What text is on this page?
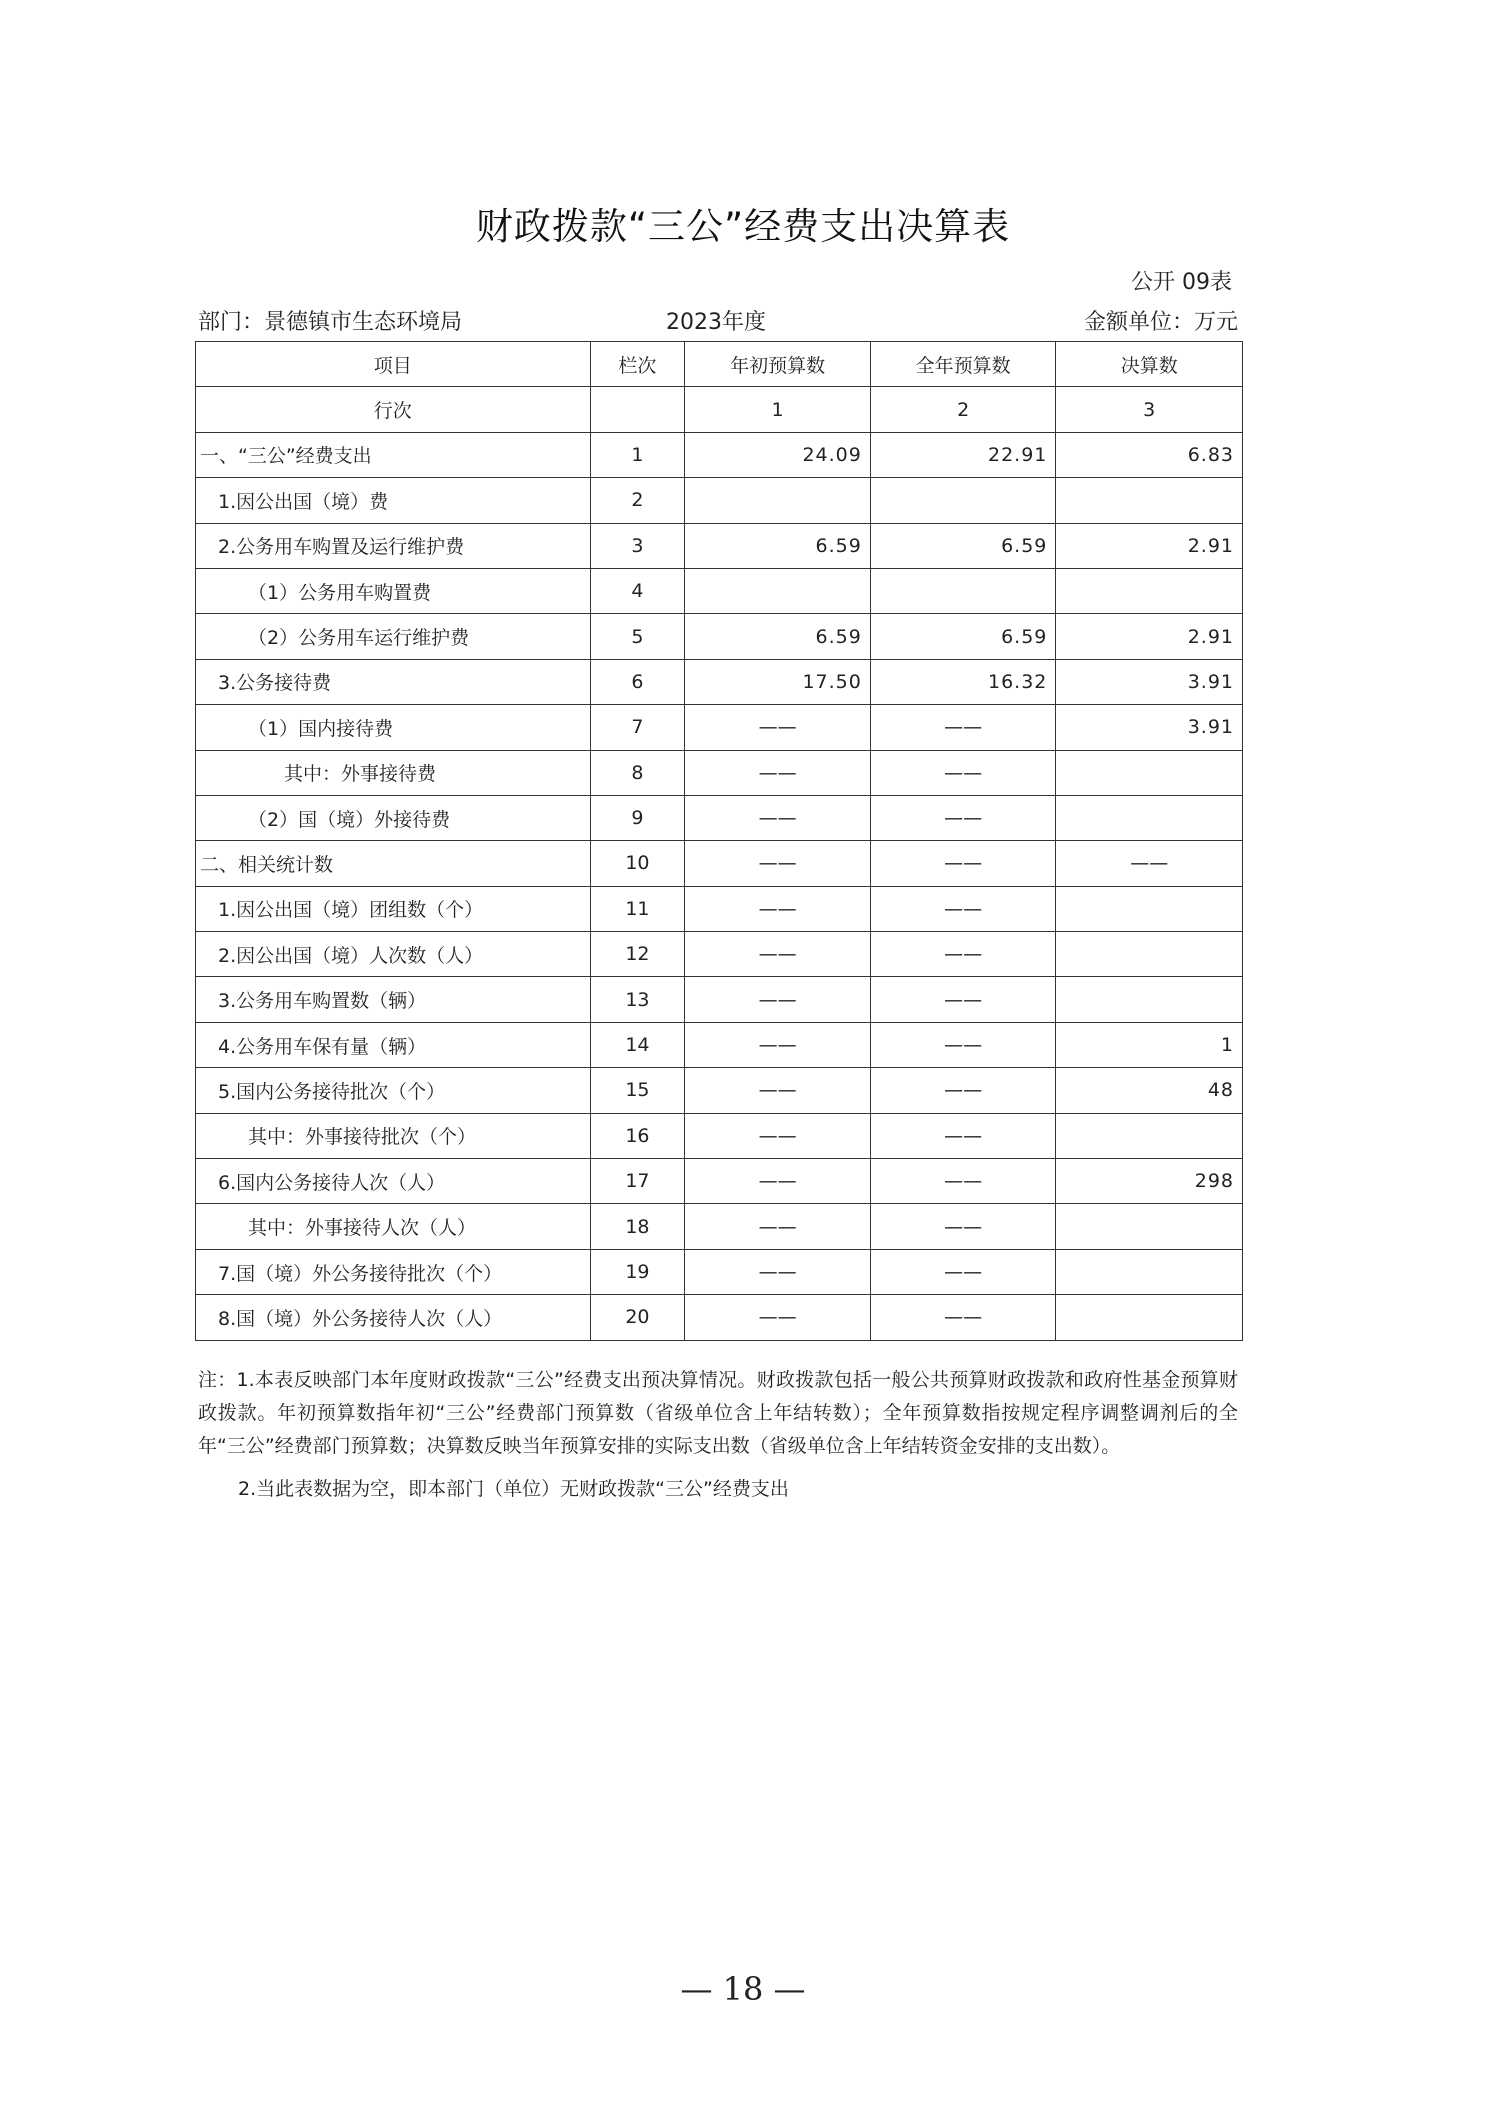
财政拨款“三公”经费支出决算表
公开 09表
部门：景德镇市生态环境局	2023年度	金额单位：万元
项目	栏次	年初预算数	全年预算数	决算数
行次		1	2	3
一、“三公”经费支出	1	24.09	22.91	6.83
1.因公出国（境）费	2			
2.公务用车购置及运行维护费	3	6.59	6.59	2.91
（1）公务用车购置费	4			
（2）公务用车运行维护费	5	6.59	6.59	2.91
3.公务接待费	6	17.50	16.32	3.91
（1）国内接待费	7	——	——	3.91
其中：外事接待费	8	——	——	
（2）国（境）外接待费	9	——	——	
二、相关统计数	10	——	——	——
1.因公出国（境）团组数（个）	11	——	——	
2.因公出国（境）人次数（人）	12	——	——	
3.公务用车购置数（辆）	13	——	——	
4.公务用车保有量（辆）	14	——	——	1
5.国内公务接待批次（个）	15	——	——	48
其中：外事接待批次（个）	16	——	——	
6.国内公务接待人次（人）	17	——	——	298
其中：外事接待人次（人）	18	——	——	
7.国（境）外公务接待批次（个）	19	——	——	
8.国（境）外公务接待人次（人）	20	——	——	

注：1.本表反映部门本年度财政拨款“三公”经费支出预决算情况。财政拨款包括一般公共预算财政拨款和政府性基金预算财政拨款。年初预算数指年初“三公”经费部门预算数（省级单位含上年结转数）；全年预算数指按规定程序调整调剂后的全年“三公”经费部门预算数；决算数反映当年预算安排的实际支出数（省级单位含上年结转资金安排的支出数）。

2.当此表数据为空，即本部门（单位）无财政拨款“三公”经费支出

— 18 —
